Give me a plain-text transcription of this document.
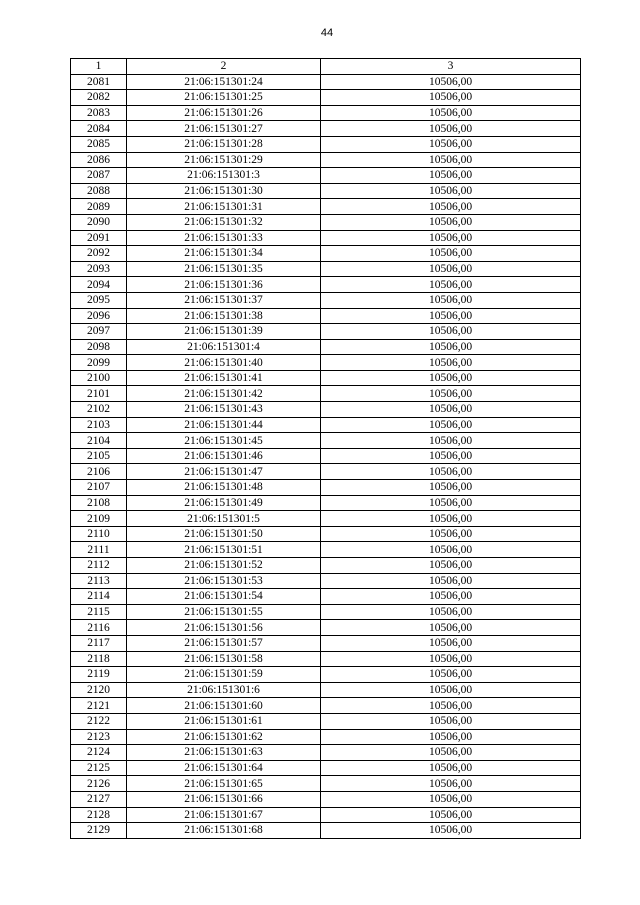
44
1	2	3
2081	21:06:151301:24	10506,00
2082	21:06:151301:25	10506,00
2083	21:06:151301:26	10506,00
2084	21:06:151301:27	10506,00
2085	21:06:151301:28	10506,00
2086	21:06:151301:29	10506,00
2087	21:06:151301:3	10506,00
2088	21:06:151301:30	10506,00
2089	21:06:151301:31	10506,00
2090	21:06:151301:32	10506,00
2091	21:06:151301:33	10506,00
2092	21:06:151301:34	10506,00
2093	21:06:151301:35	10506,00
2094	21:06:151301:36	10506,00
2095	21:06:151301:37	10506,00
2096	21:06:151301:38	10506,00
2097	21:06:151301:39	10506,00
2098	21:06:151301:4	10506,00
2099	21:06:151301:40	10506,00
2100	21:06:151301:41	10506,00
2101	21:06:151301:42	10506,00
2102	21:06:151301:43	10506,00
2103	21:06:151301:44	10506,00
2104	21:06:151301:45	10506,00
2105	21:06:151301:46	10506,00
2106	21:06:151301:47	10506,00
2107	21:06:151301:48	10506,00
2108	21:06:151301:49	10506,00
2109	21:06:151301:5	10506,00
2110	21:06:151301:50	10506,00
2111	21:06:151301:51	10506,00
2112	21:06:151301:52	10506,00
2113	21:06:151301:53	10506,00
2114	21:06:151301:54	10506,00
2115	21:06:151301:55	10506,00
2116	21:06:151301:56	10506,00
2117	21:06:151301:57	10506,00
2118	21:06:151301:58	10506,00
2119	21:06:151301:59	10506,00
2120	21:06:151301:6	10506,00
2121	21:06:151301:60	10506,00
2122	21:06:151301:61	10506,00
2123	21:06:151301:62	10506,00
2124	21:06:151301:63	10506,00
2125	21:06:151301:64	10506,00
2126	21:06:151301:65	10506,00
2127	21:06:151301:66	10506,00
2128	21:06:151301:67	10506,00
2129	21:06:151301:68	10506,00
